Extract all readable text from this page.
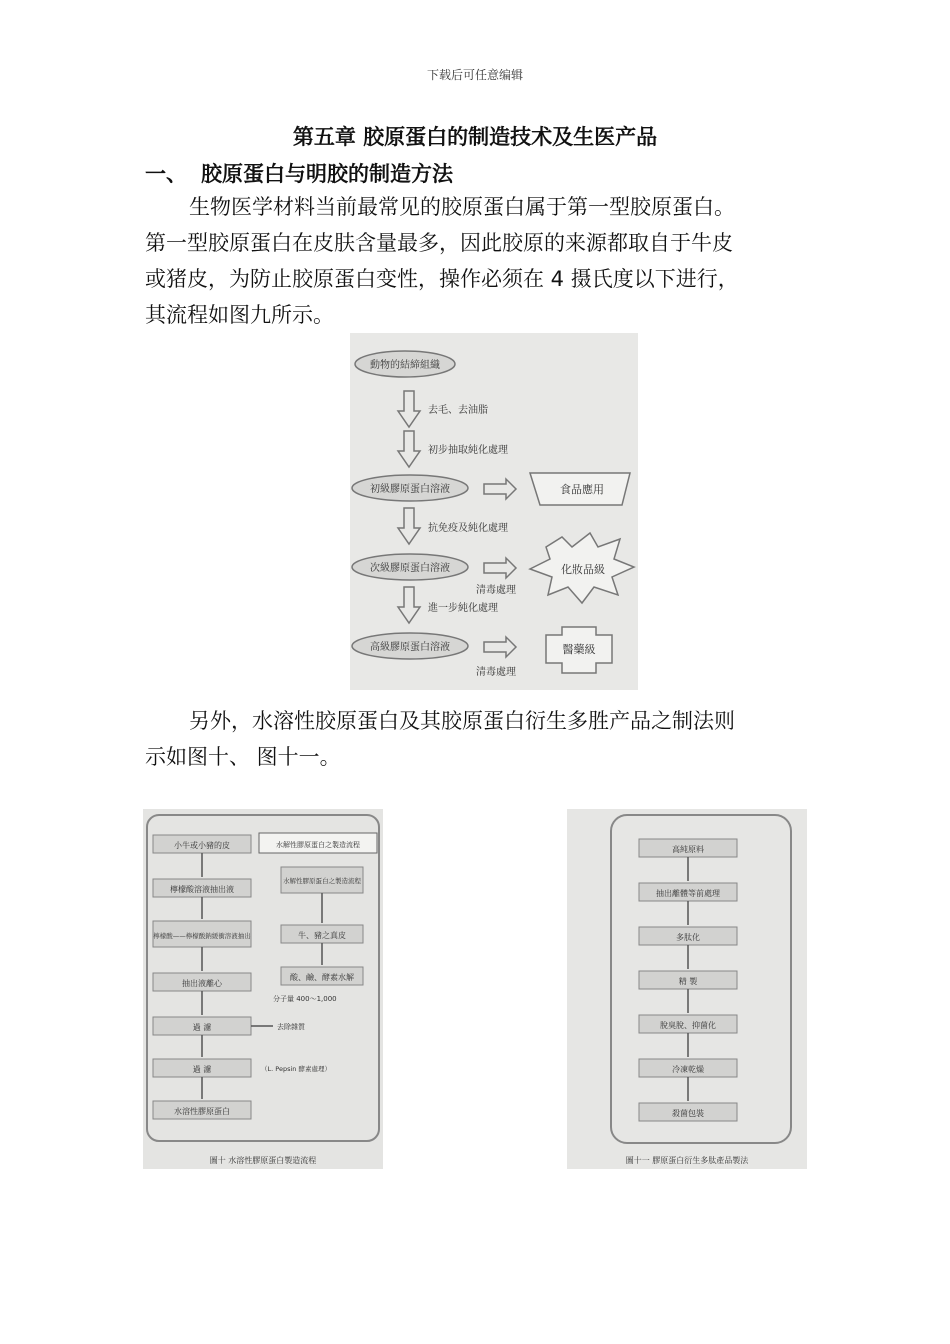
下载后可任意编辑
第五章 胶原蛋白的制造技术及生医产品
一、 胶原蛋白与明胶的制造方法

生物医学材料当前最常见的胶原蛋白属于第一型胶原蛋白。

第一型胶原蛋白在皮肤含量最多，因此胶原的来源都取自于牛皮

或猪皮，为防止胶原蛋白变性，操作必须在 4 摄氏度以下进行，

其流程如图九所示。

動物的結締組織
初級膠原蛋白溶液
次級膠原蛋白溶液
高級膠原蛋白溶液
去毛、去油脂
初步抽取純化處理
抗免疫及純化處理
進一步純化處理
食品應用
化妝品級
醫藥級
清毒處理
清毒處理

另外，水溶性胶原蛋白及其胶原蛋白衍生多胜产品之制法则

示如图十、 图十一。

小牛或小豬的皮
檸檬酸溶液抽出液
檸檬酸——檸檬酸鈉緩衝溶液抽出
抽出液離心
過 濾
過 濾
水溶性膠原蛋白
水解性膠原蛋白之製造流程
水解性膠原蛋白之製造流程
牛、豬之真皮
酸、鹼、酵素水解
分子量 400～1,000
去除雜質
（L. Pepsin 酵素處理）
圖十 水溶性膠原蛋白製造流程
高純原料
抽出離體等前處理
多肽化
精 製
脫臭脫、抑菌化
冷凍乾燥
殺菌包裝
圖十一 膠原蛋白衍生多肽產品製法
